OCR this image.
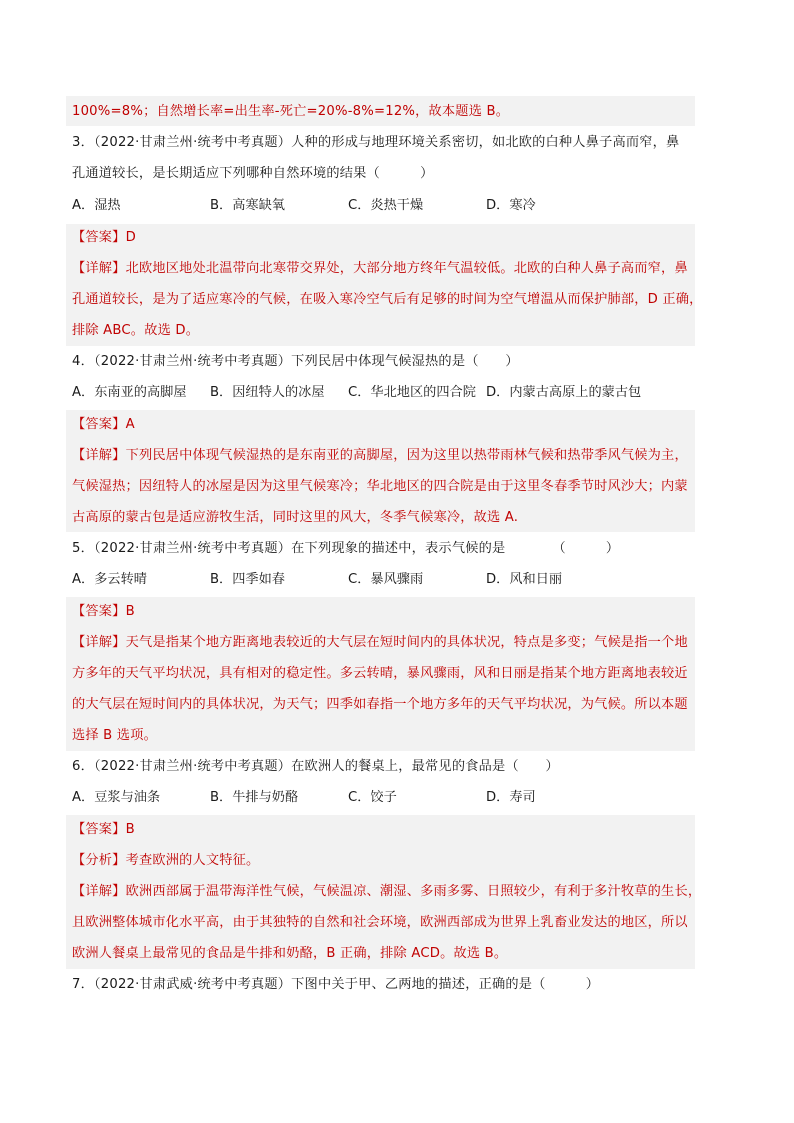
100%=8%；自然增长率=出生率-死亡=20%-8%=12%，故本题选 B。
3．（2022·甘肃兰州·统考中考真题）人种的形成与地理环境关系密切，如北欧的白种人鼻子高而窄，鼻
孔通道较长，是长期适应下列哪种自然环境的结果（　　　）
A．湿热	B．高寒缺氧	C．炎热干燥	D．寒冷
【答案】D
【详解】北欧地区地处北温带向北寒带交界处，大部分地方终年气温较低。北欧的白种人鼻子高而窄，鼻
孔通道较长，是为了适应寒冷的气候，在吸入寒冷空气后有足够的时间为空气增温从而保护肺部，D 正确，
排除 ABC。故选 D。
4．（2022·甘肃兰州·统考中考真题）下列民居中体现气候湿热的是（　　）
A．东南亚的高脚屋 B．因纽特人的冰屋 C．华北地区的四合院 D．内蒙古高原上的蒙古包
【答案】A
【详解】下列民居中体现气候湿热的是东南亚的高脚屋，因为这里以热带雨林气候和热带季风气候为主，
气候湿热；因纽特人的冰屋是因为这里气候寒冷；华北地区的四合院是由于这里冬春季节时风沙大；内蒙
古高原的蒙古包是适应游牧生活，同时这里的风大，冬季气候寒冷，故选 A.
5．（2022·甘肃兰州·统考中考真题）在下列现象的描述中，表示气候的是　　　　（　　　）
A．多云转晴	B．四季如春	C．暴风骤雨	D．风和日丽
【答案】B
【详解】天气是指某个地方距离地表较近的大气层在短时间内的具体状况，特点是多变；气候是指一个地
方多年的天气平均状况，具有相对的稳定性。多云转晴，暴风骤雨，风和日丽是指某个地方距离地表较近
的大气层在短时间内的具体状况，为天气；四季如春指一个地方多年的天气平均状况，为气候。所以本题
选择 B 选项。
6．（2022·甘肃兰州·统考中考真题）在欧洲人的餐桌上，最常见的食品是（　　）
A．豆浆与油条	B．牛排与奶酪	C．饺子	D．寿司
【答案】B
【分析】考查欧洲的人文特征。
【详解】欧洲西部属于温带海洋性气候，气候温凉、潮湿、多雨多雾、日照较少，有利于多汁牧草的生长，
且欧洲整体城市化水平高，由于其独特的自然和社会环境，欧洲西部成为世界上乳畜业发达的地区，所以
欧洲人餐桌上最常见的食品是牛排和奶酪，B 正确，排除 ACD。故选 B。
7．（2022·甘肃武威·统考中考真题）下图中关于甲、乙两地的描述，正确的是（　　　）
